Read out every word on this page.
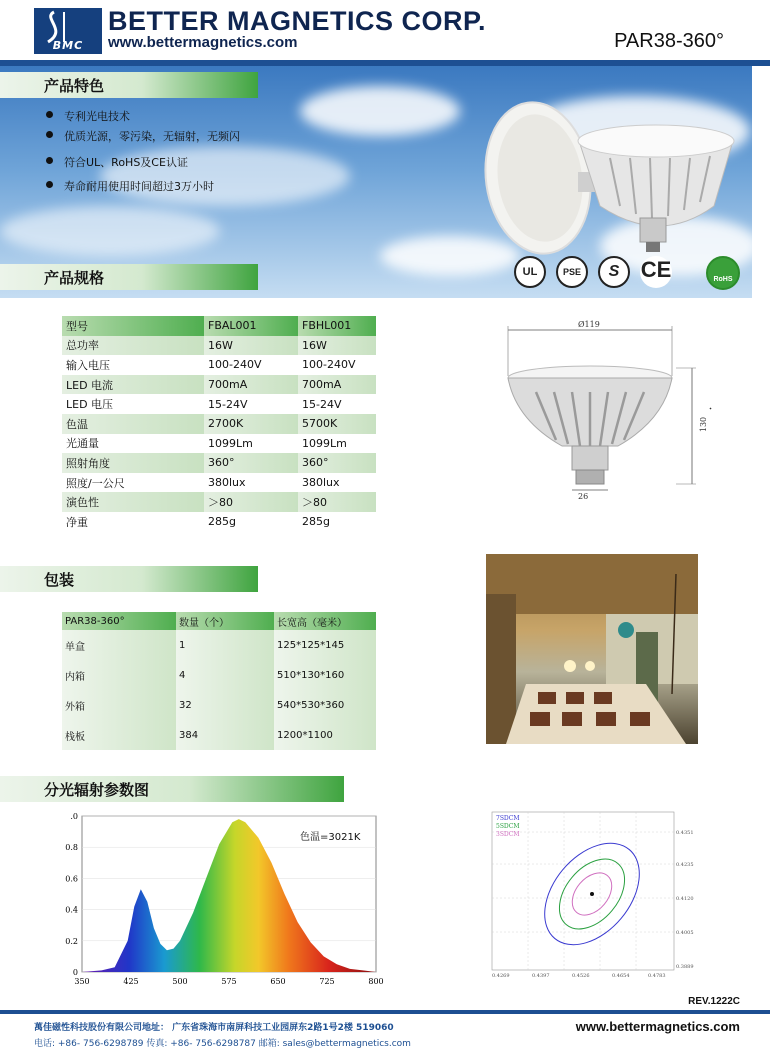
BMC
BETTER MAGNETICS CORP.
www.bettermagnetics.com	PAR38-360°
产品特色
专利光电技术
优质光源，零污染，无辐射，无频闪
符合UL、RoHS及CE认证
寿命耐用使用时间超过3万小时
UL	PSE	S CE	RoHS
产品规格
型号	FBAL001	FBHL001
总功率	16W	16W
输入电压	100-240V	100-240V
LED 电流	700mA	700mA
LED 电压	15-24V	15-24V
色温	2700K	5700K
光通量	1099Lm	1099Lm
照射角度	360°	360°
照度/一公尺	380lux	380lux
演色性	＞80	＞80
净重	285g	285g
Ø119
130
26
包装
PAR38-360°	数量（个）	长宽高（毫米）
单盒	1	125*125*145
内箱	4	510*130*160
外箱	32	540*530*360
栈板	384	1200*1100
分光辐射参数图
.0
0.8
0.6
0.4
0.2
0
350	425	500	575	650	725	800
色温=3021K
7SDCM
5SDCM
3SDCM	0.4351
0.4235
0.4120
0.4005
0.3889
0.4269	0.4397	0.4526	0.4654	0.4783
REV.1222C
萬佳磁性科技股份有限公司地址： 广东省珠海市南屏科技工业园屏东2路1号2楼 519060
电话: +86- 756-6298789 传真: +86- 756-6298787 邮箱: sales@bettermagnetics.com
www.bettermagnetics.com
